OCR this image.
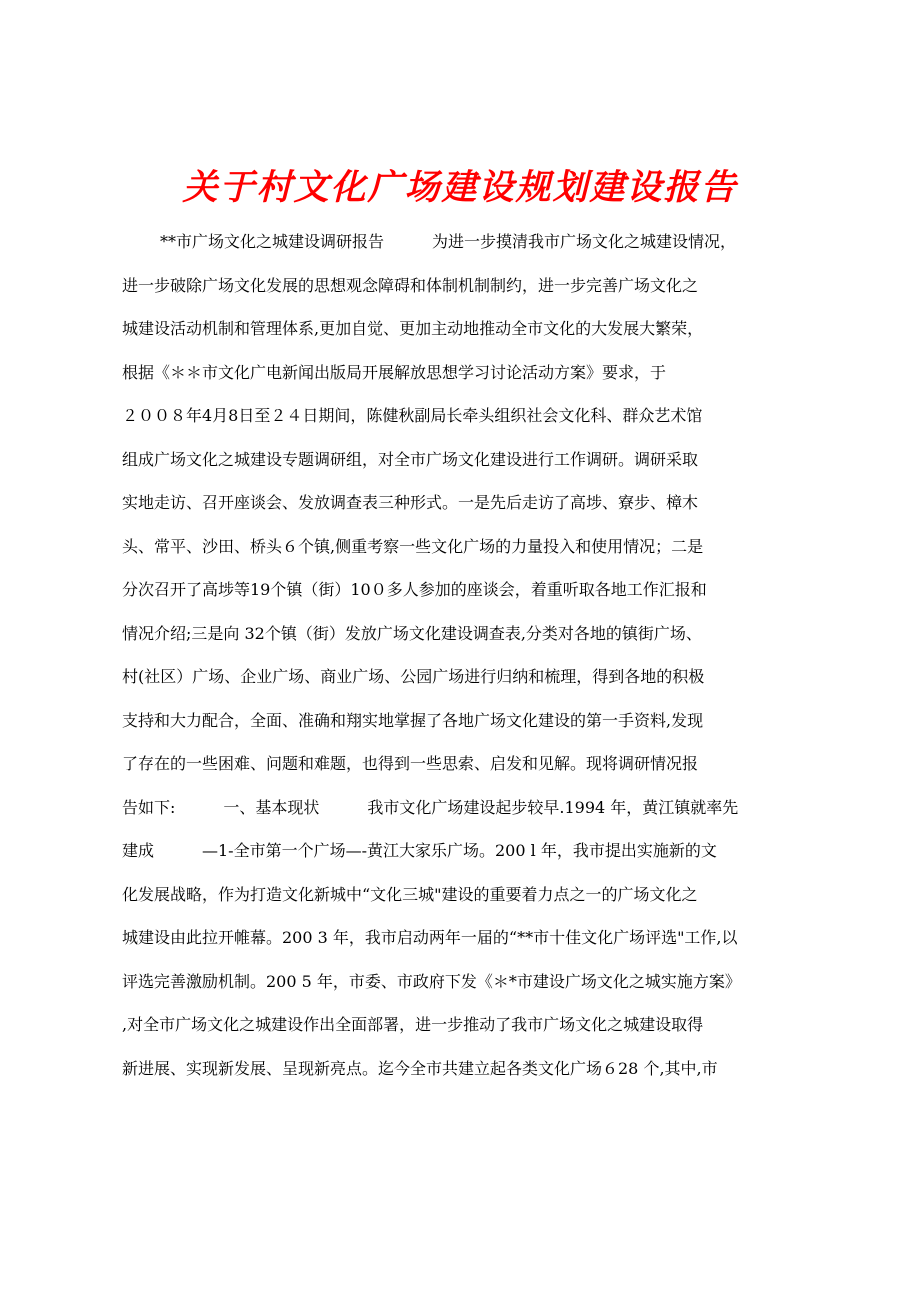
关于村文化广场建设规划建设报告
**市广场文化之城建设调研报告　　　为进一步摸清我市广场文化之城建设情况，
进一步破除广场文化发展的思想观念障碍和体制机制制约，进一步完善广场文化之
城建设活动机制和管理体系,更加自觉、更加主动地推动全市文化的大发展大繁荣，
根据《＊＊市文化广电新闻出版局开展解放思想学习讨论活动方案》要求，于
２００８年4月8日至２４日期间，陈健秋副局长牵头组织社会文化科、群众艺术馆
组成广场文化之城建设专题调研组，对全市广场文化建设进行工作调研。调研采取
实地走访、召开座谈会、发放调查表三种形式。一是先后走访了高埗、寮步、樟木
头、常平、沙田、桥头６个镇,侧重考察一些文化广场的力量投入和使用情况；二是
分次召开了高埗等19个镇（街）10０多人参加的座谈会，着重听取各地工作汇报和
情况介绍;三是向 32个镇（街）发放广场文化建设调查表,分类对各地的镇街广场、
村(社区）广场、企业广场、商业广场、公园广场进行归纳和梳理，得到各地的积极
支持和大力配合，全面、准确和翔实地掌握了各地广场文化建设的第一手资料,发现
了存在的一些困难、问题和难题，也得到一些思索、启发和见解。现将调研情况报
告如下:　　　一、基本现状　　　我市文化广场建设起步较早.1994 年，黄江镇就率先
建成　　　—1-全市第一个广场—-黄江大家乐广场。200 l 年，我市提出实施新的文
化发展战略，作为打造文化新城中“文化三城"建设的重要着力点之一的广场文化之
城建设由此拉开帷幕。200 3 年，我市启动两年一届的“**市十佳文化广场评选"工作,以
评选完善激励机制。200 5 年，市委、市政府下发《＊*市建设广场文化之城实施方案》
,对全市广场文化之城建设作出全面部署，进一步推动了我市广场文化之城建设取得
新进展、实现新发展、呈现新亮点。迄今全市共建立起各类文化广场６28 个,其中,市
